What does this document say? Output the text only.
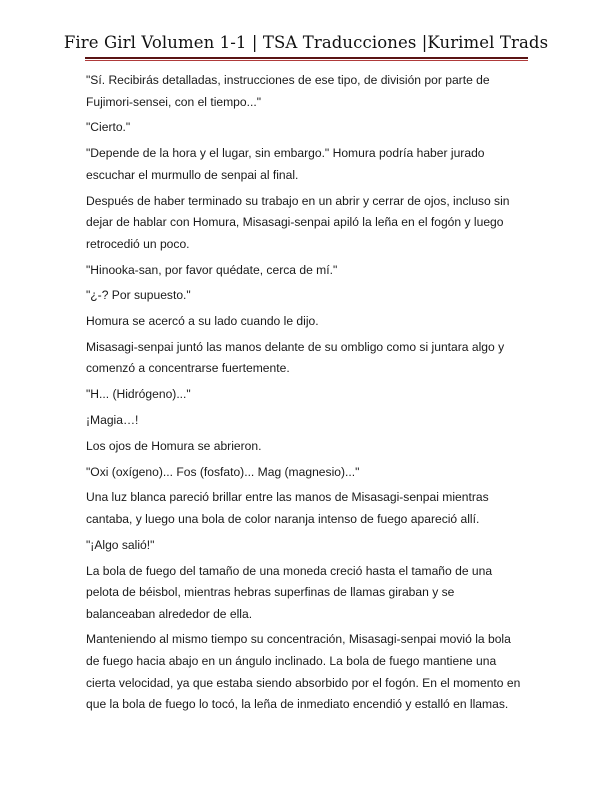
Fire Girl Volumen 1-1 | TSA Traducciones |Kurimel Trads

"Sí. Recibirás detalladas, instrucciones de ese tipo, de división por parte de Fujimori-sensei, con el tiempo..."

"Cierto."

"Depende de la hora y el lugar, sin embargo." Homura podría haber jurado escuchar el murmullo de senpai al final.

Después de haber terminado su trabajo en un abrir y cerrar de ojos, incluso sin dejar de hablar con Homura, Misasagi-senpai apiló la leña en el fogón y luego retrocedió un poco.

"Hinooka-san, por favor quédate, cerca de mí."

"¿-? Por supuesto."

Homura se acercó a su lado cuando le dijo.

Misasagi-senpai juntó las manos delante de su ombligo como si juntara algo y comenzó a concentrarse fuertemente.

"H... (Hidrógeno)..."

¡Magia…!

Los ojos de Homura se abrieron.

"Oxi (oxígeno)... Fos (fosfato)... Mag (magnesio)..."

Una luz blanca pareció brillar entre las manos de Misasagi-senpai mientras cantaba, y luego una bola de color naranja intenso de fuego apareció allí.

"¡Algo salió!"

La bola de fuego del tamaño de una moneda creció hasta el tamaño de una pelota de béisbol, mientras hebras superfinas de llamas giraban y se balanceaban alrededor de ella.

Manteniendo al mismo tiempo su concentración, Misasagi-senpai movió la bola de fuego hacia abajo en un ángulo inclinado. La bola de fuego mantiene una cierta velocidad, ya que estaba siendo absorbido por el fogón. En el momento en que la bola de fuego lo tocó, la leña de inmediato encendió y estalló en llamas.
